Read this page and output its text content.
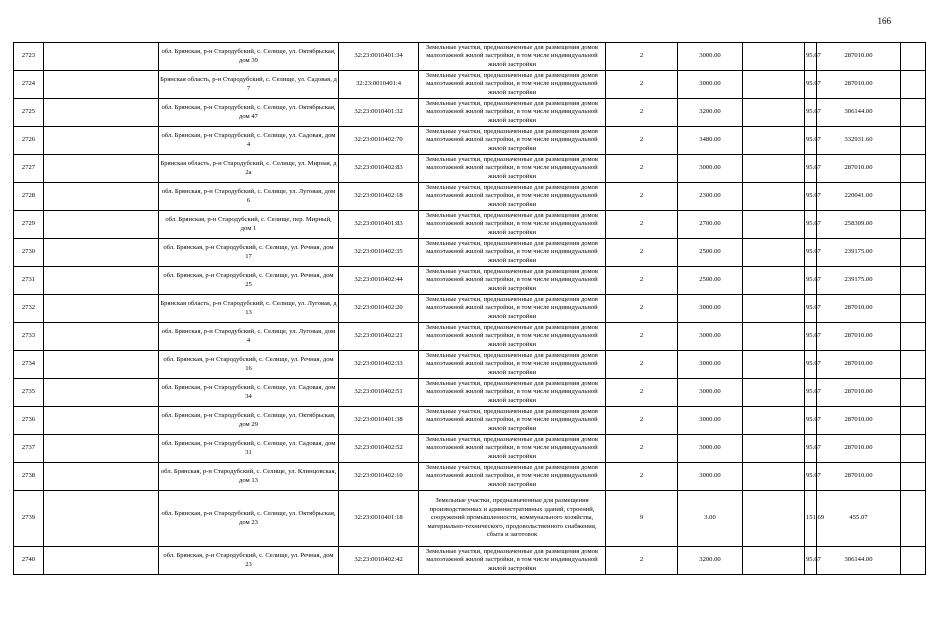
166
2723		обл. Брянская, р-н Стародубский, с. Селище, ул. Октябрьская, дом 39	32:23:0010401:34	Земельные участки, предназначенные для размещения домов малоэтажной жилой застройки, в том числе индивидуальной жилой застройки	2	3000.00		95.67	287010.00	
2724		Брянская область, р-н Стародубский, с. Селище, ул. Садовая, д 7	32:23:0010401:4	Земельные участки, предназначенные для размещения домов малоэтажной жилой застройки, в том числе индивидуальной жилой застройки	2	3000.00		95.67	287010.00	
2725		обл. Брянская, р-н Стародубский, с. Селище, ул. Октябрьская, дом 47	32:23:0010401:32	Земельные участки, предназначенные для размещения домов малоэтажной жилой застройки, в том числе индивидуальной жилой застройки	2	3200.00		95.67	306144.00	
2726		обл. Брянская, р-н Стародубский, с. Селище, ул. Садовая, дом 4	32:23:0010402:70	Земельные участки, предназначенные для размещения домов малоэтажной жилой застройки, в том числе индивидуальной жилой застройки	2	3480.00		95.67	332931.60	
2727		Брянская область, р-н Стародубский, с. Селище, ул. Мирная, д 2а	32:23:0010402:83	Земельные участки, предназначенные для размещения домов малоэтажной жилой застройки, в том числе индивидуальной жилой застройки	2	3000.00		95.67	287010.00	
2728		обл. Брянская, р-н Стародубский, с. Селище, ул. Луговая, дом 6	32:23:0010402:18	Земельные участки, предназначенные для размещения домов малоэтажной жилой застройки, в том числе индивидуальной жилой застройки	2	2300.00		95.67	220041.00	
2729		обл. Брянская, р-н Стародубский, с. Селище, пер. Мирный, дом 1	32:23:0010401:83	Земельные участки, предназначенные для размещения домов малоэтажной жилой застройки, в том числе индивидуальной жилой застройки	2	2700.00		95.67	258309.00	
2730		обл. Брянская, р-н Стародубский, с. Селище, ул. Речная, дом 17	32:23:0010402:35	Земельные участки, предназначенные для размещения домов малоэтажной жилой застройки, в том числе индивидуальной жилой застройки	2	2500.00		95.67	239175.00	
2731		обл. Брянская, р-н Стародубский, с. Селище, ул. Речная, дом 25	32:23:0010402:44	Земельные участки, предназначенные для размещения домов малоэтажной жилой застройки, в том числе индивидуальной жилой застройки	2	2500.00		95.67	239175.00	
2732		Брянская область, р-н Стародубский, с. Селище, ул. Луговая, д 13	32:23:0010402:20	Земельные участки, предназначенные для размещения домов малоэтажной жилой застройки, в том числе индивидуальной жилой застройки	2	3000.00		95.67	287010.00	
2733		обл. Брянская, р-н Стародубский, с. Селище, ул. Луговая, дом 4	32:23:0010402:21	Земельные участки, предназначенные для размещения домов малоэтажной жилой застройки, в том числе индивидуальной жилой застройки	2	3000.00		95.67	287010.00	
2734		обл. Брянская, р-н Стародубский, с. Селище, ул. Речная, дом 16	32:23:0010402:33	Земельные участки, предназначенные для размещения домов малоэтажной жилой застройки, в том числе индивидуальной жилой застройки	2	3000.00		95.67	287010.00	
2735		обл. Брянская, р-н Стародубский, с. Селище, ул. Садовая, дом 34	32:23:0010402:51	Земельные участки, предназначенные для размещения домов малоэтажной жилой застройки, в том числе индивидуальной жилой застройки	2	3000.00		95.67	287010.00	
2736		обл. Брянская, р-н Стародубский, с. Селище, ул. Октябрьская, дом 29	32:23:0010401:38	Земельные участки, предназначенные для размещения домов малоэтажной жилой застройки, в том числе индивидуальной жилой застройки	2	3000.00		95.67	287010.00	
2737		обл. Брянская, р-н Стародубский, с. Селище, ул. Садовая, дом 31	32:23:0010402:52	Земельные участки, предназначенные для размещения домов малоэтажной жилой застройки, в том числе индивидуальной жилой застройки	2	3000.00		95.67	287010.00	
2738		обл. Брянская, р-н Стародубский, с. Селище, ул. Клинцовская, дом 13	32:23:0010402:10	Земельные участки, предназначенные для размещения домов малоэтажной жилой застройки, в том числе индивидуальной жилой застройки	2	3000.00		95.67	287010.00	
2739		обл. Брянская, р-н Стародубский, с. Селище, ул. Октябрьская, дом 23	32:23:0010401:18	Земельные участки, предназначенные для размещения производственных и административных зданий, строений, сооружений промышленности, коммунального хозяйства, материально-технического, продовольственного снабжения, сбыта и заготовок	9	3.00		151.69	455.07	
2740		обл. Брянская, р-н Стародубский, с. Селище, ул. Речная, дом 23	32:23:0010402:42	Земельные участки, предназначенные для размещения домов малоэтажной жилой застройки, в том числе индивидуальной жилой застройки	2	3200.00		95.67	306144.00	
